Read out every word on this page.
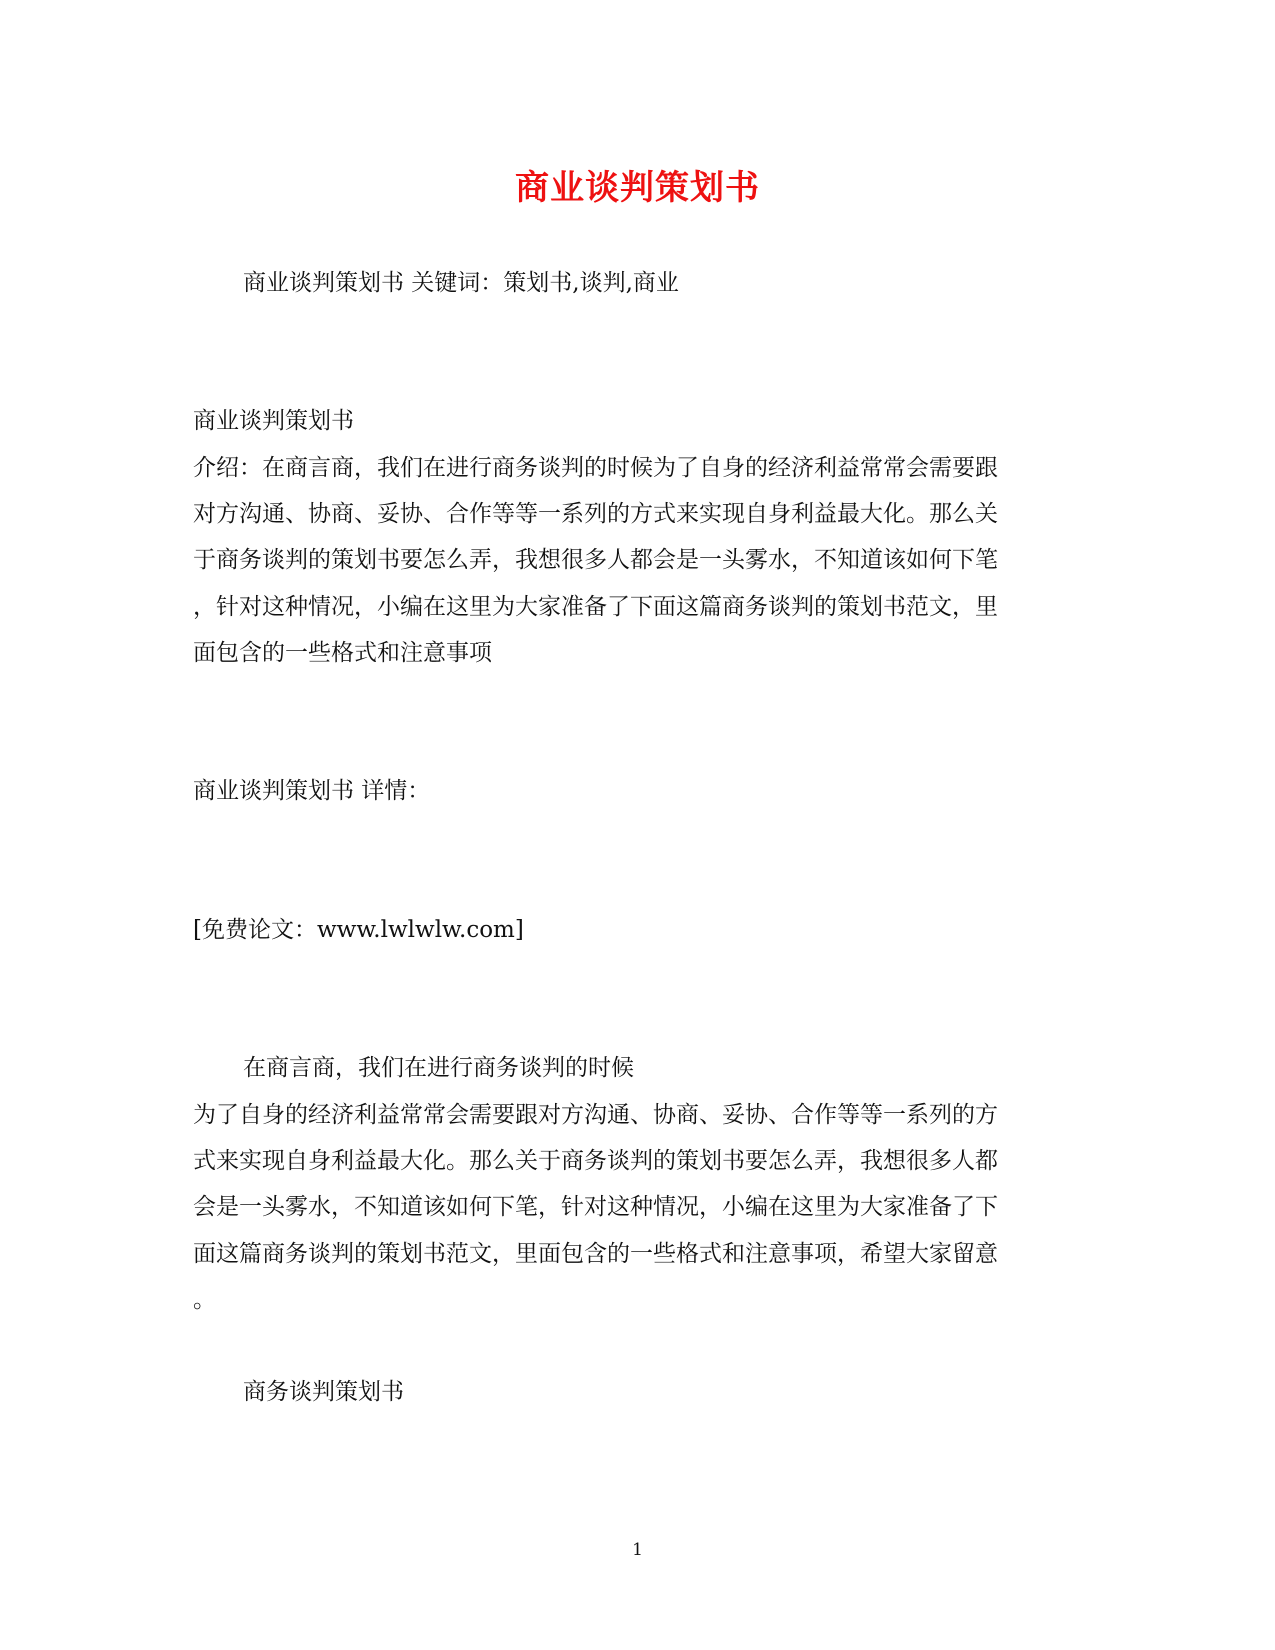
商业谈判策划书

商业谈判策划书 关键词：策划书,谈判,商业

商业谈判策划书

介绍：在商言商，我们在进行商务谈判的时候为了自身的经济利益常常会需要跟

对方沟通、协商、妥协、合作等等一系列的方式来实现自身利益最大化。那么关

于商务谈判的策划书要怎么弄，我想很多人都会是一头雾水，不知道该如何下笔

，针对这种情况，小编在这里为大家准备了下面这篇商务谈判的策划书范文，里

面包含的一些格式和注意事项

商业谈判策划书 详情：

[免费论文：www.lwlwlw.com]

在商言商，我们在进行商务谈判的时候

为了自身的经济利益常常会需要跟对方沟通、协商、妥协、合作等等一系列的方

式来实现自身利益最大化。那么关于商务谈判的策划书要怎么弄，我想很多人都

会是一头雾水，不知道该如何下笔，针对这种情况，小编在这里为大家准备了下

面这篇商务谈判的策划书范文，里面包含的一些格式和注意事项，希望大家留意

。

商务谈判策划书

1
